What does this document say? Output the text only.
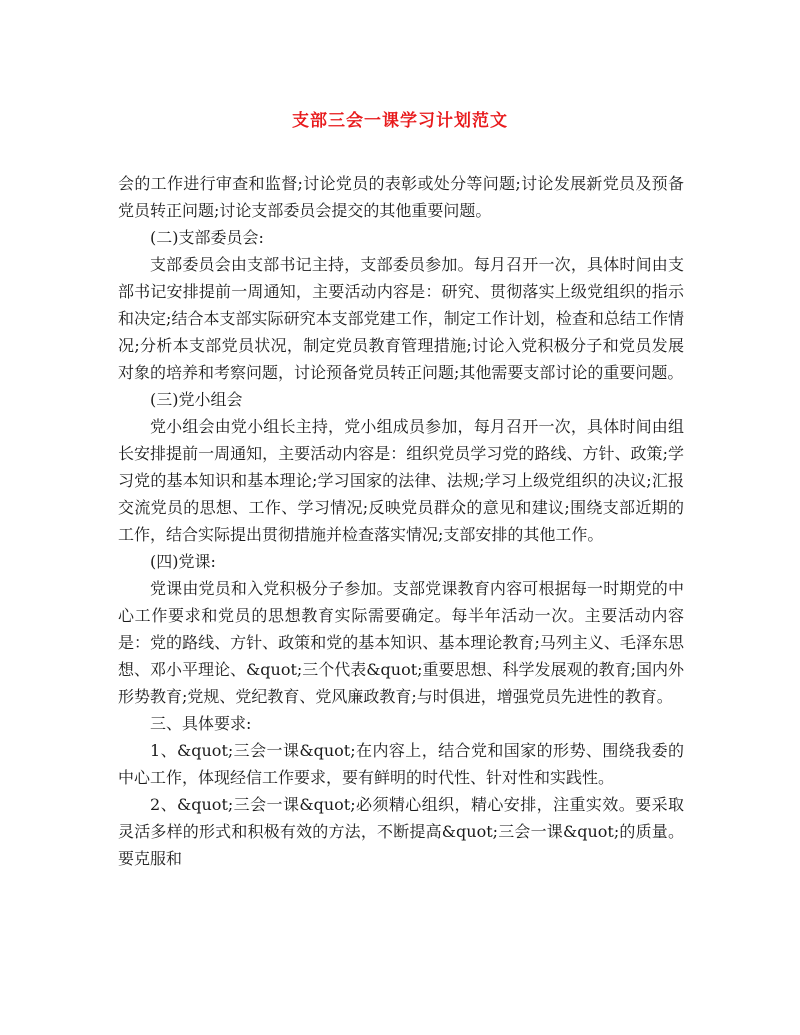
支部三会一课学习计划范文

会的工作进行审查和监督;讨论党员的表彰或处分等问题;讨论发展新党员及预备党员转正问题;讨论支部委员会提交的其他重要问题。

(二)支部委员会:

支部委员会由支部书记主持，支部委员参加。每月召开一次，具体时间由支部书记安排提前一周通知，主要活动内容是：研究、贯彻落实上级党组织的指示和决定;结合本支部实际研究本支部党建工作，制定工作计划，检查和总结工作情况;分析本支部党员状况，制定党员教育管理措施;讨论入党积极分子和党员发展对象的培养和考察问题，讨论预备党员转正问题;其他需要支部讨论的重要问题。

(三)党小组会

党小组会由党小组长主持，党小组成员参加，每月召开一次，具体时间由组长安排提前一周通知，主要活动内容是：组织党员学习党的路线、方针、政策;学习党的基本知识和基本理论;学习国家的法律、法规;学习上级党组织的决议;汇报交流党员的思想、工作、学习情况;反映党员群众的意见和建议;围绕支部近期的工作，结合实际提出贯彻措施并检查落实情况;支部安排的其他工作。

(四)党课:

党课由党员和入党积极分子参加。支部党课教育内容可根据每一时期党的中心工作要求和党员的思想教育实际需要确定。每半年活动一次。主要活动内容是：党的路线、方针、政策和党的基本知识、基本理论教育;马列主义、毛泽东思想、邓小平理论、&quot;三个代表&quot;重要思想、科学发展观的教育;国内外形势教育;党规、党纪教育、党风廉政教育;与时俱进，增强党员先进性的教育。

三、具体要求:

1、&quot;三会一课&quot;在内容上，结合党和国家的形势、围绕我委的中心工作，体现经信工作要求，要有鲜明的时代性、针对性和实践性。

2、&quot;三会一课&quot;必须精心组织，精心安排，注重实效。要采取灵活多样的形式和积极有效的方法，不断提高&quot;三会一课&quot;的质量。要克服和
